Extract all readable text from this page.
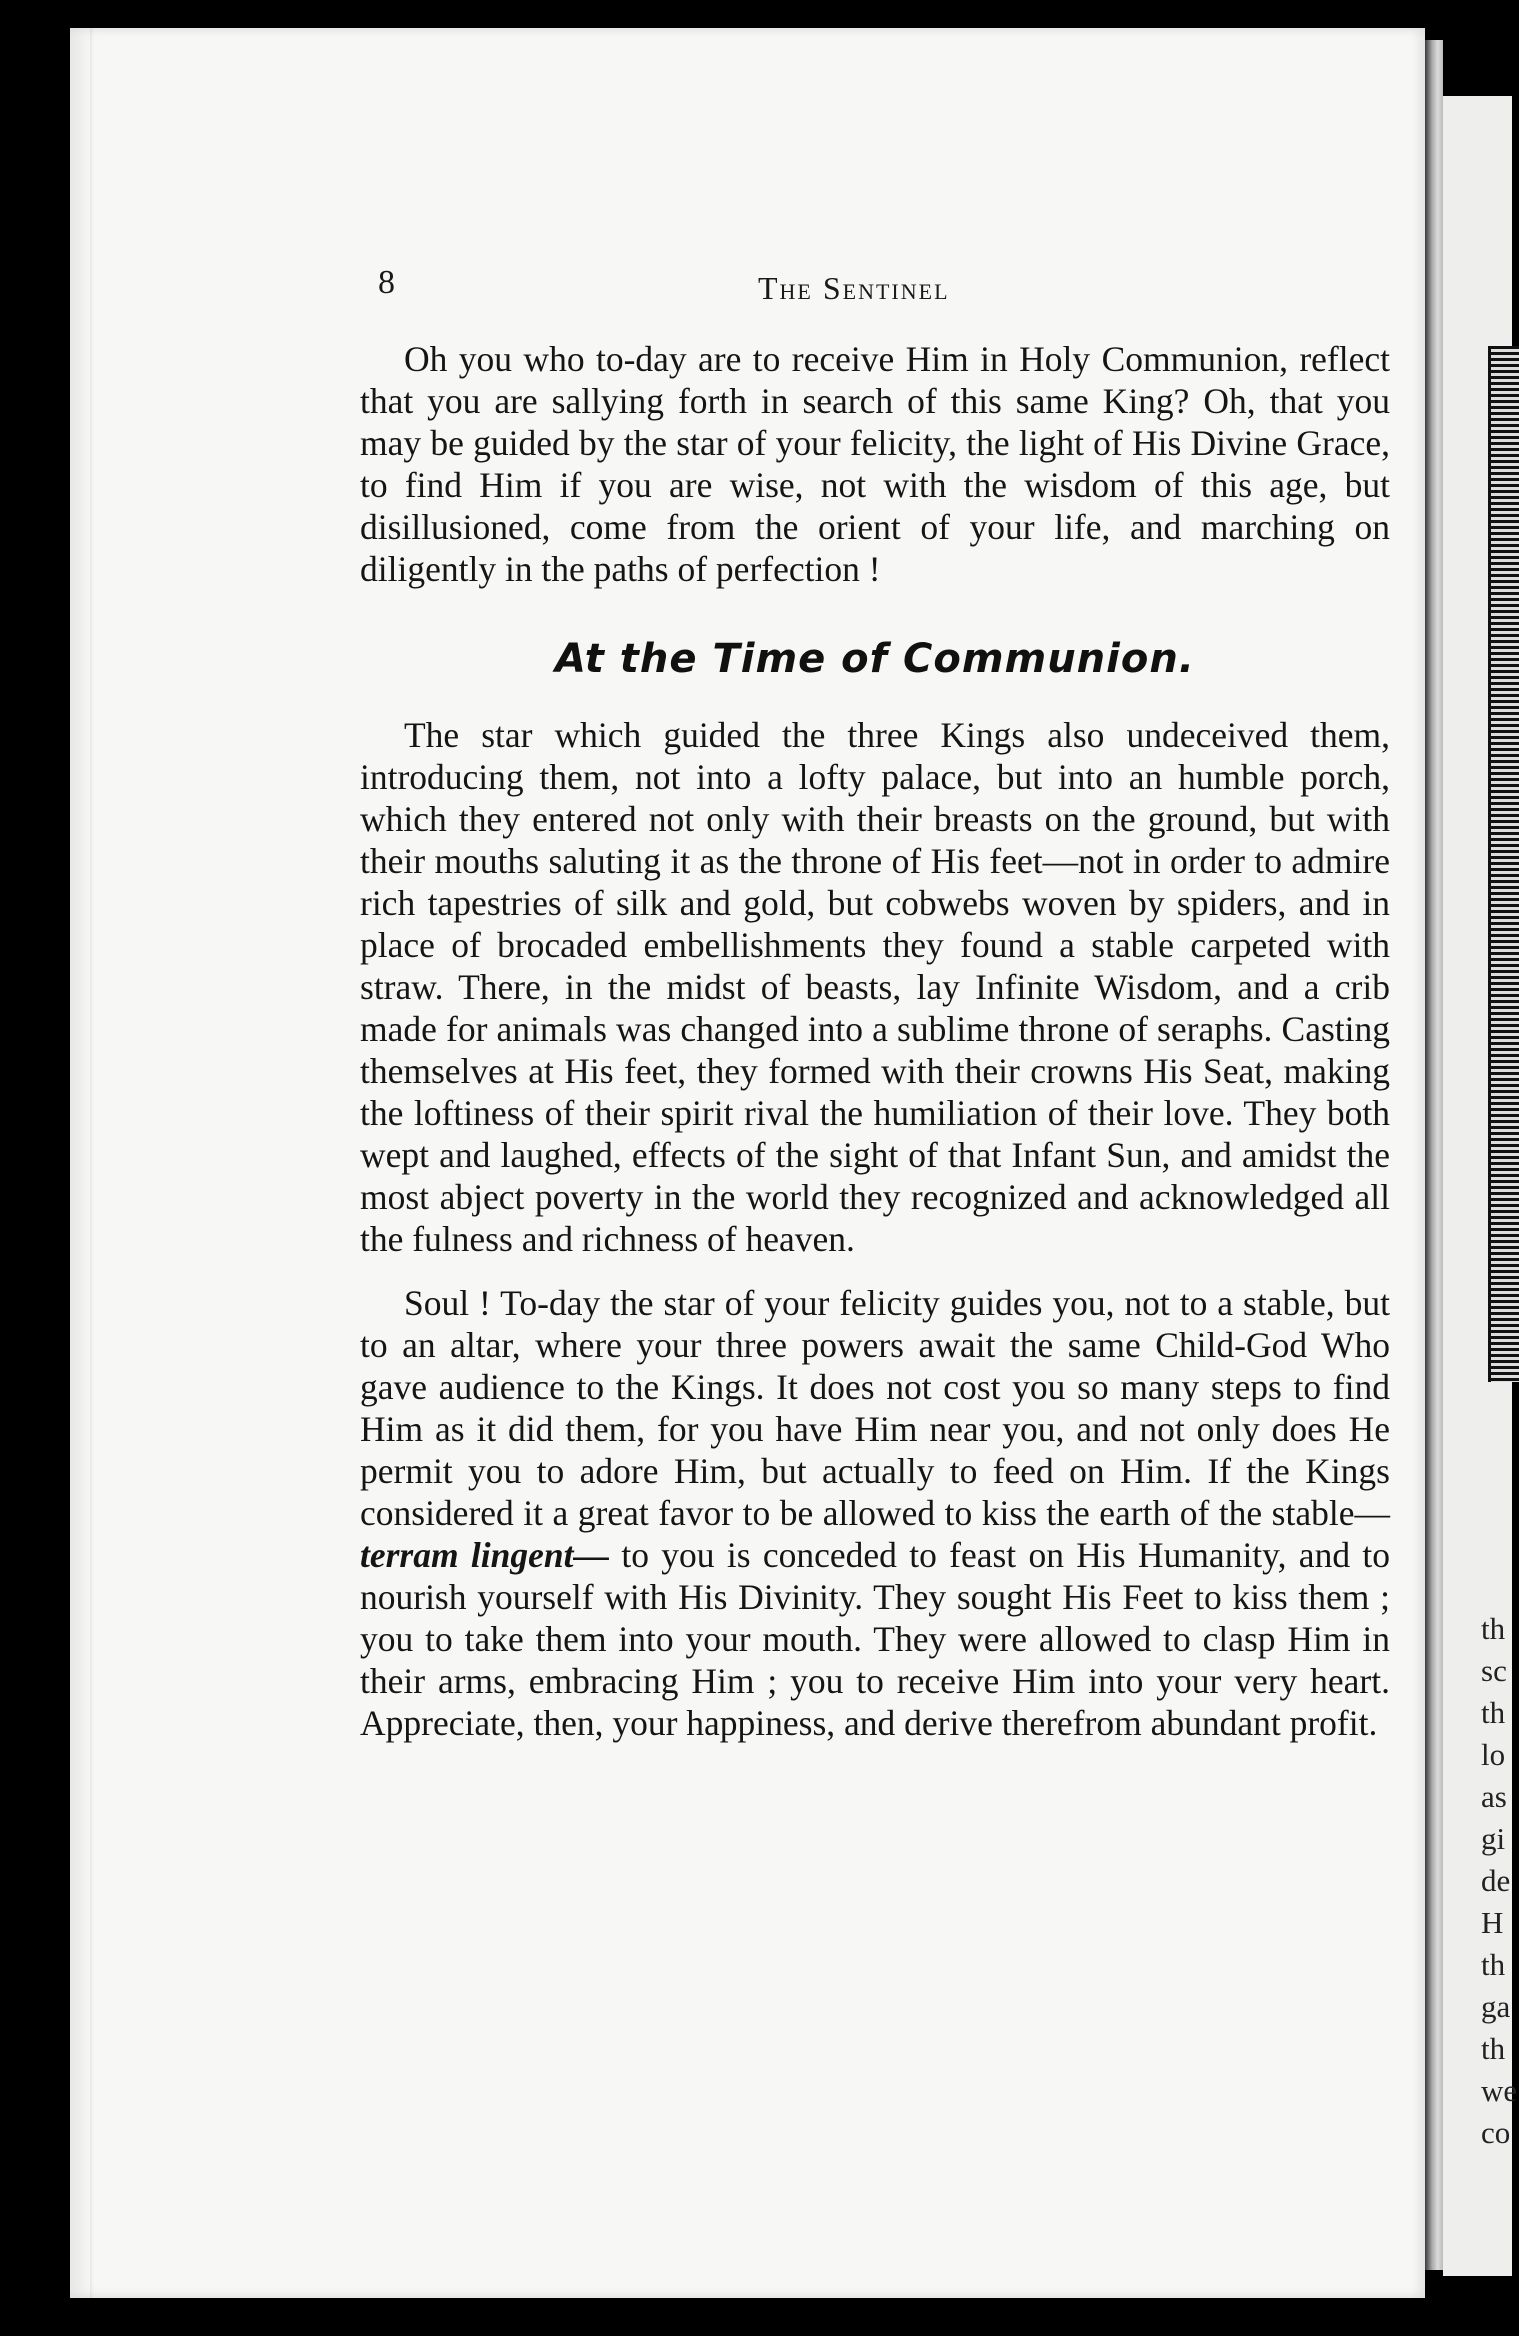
th
sc
th
lo
as
gi
de
H
th
ga
th
we
co
8	The Sentinel

Oh you who to-day are to receive Him in Holy Communion, reflect that you are sallying forth in search of this same King? Oh, that you may be guided by the star of your felicity, the light of His Divine Grace, to find Him if you are wise, not with the wisdom of this age, but disillusioned, come from the orient of your life, and marching on diligently in the paths of perfection !

At the Time of Communion.

The star which guided the three Kings also undeceived them, introducing them, not into a lofty palace, but into an humble porch, which they entered not only with their breasts on the ground, but with their mouths saluting it as the throne of His feet—not in order to admire rich tapestries of silk and gold, but cobwebs woven by spiders, and in place of brocaded embellishments they found a stable carpeted with straw. There, in the midst of beasts, lay Infinite Wisdom, and a crib made for animals was changed into a sublime throne of seraphs. Casting themselves at His feet, they formed with their crowns His Seat, making the loftiness of their spirit rival the humiliation of their love. They both wept and laughed, effects of the sight of that Infant Sun, and amidst the most abject poverty in the world they recognized and acknowledged all the fulness and richness of heaven.

Soul ! To-day the star of your felicity guides you, not to a stable, but to an altar, where your three powers await the same Child-God Who gave audience to the Kings. It does not cost you so many steps to find Him as it did them, for you have Him near you, and not only does He permit you to adore Him, but actually to feed on Him. If the Kings considered it a great favor to be allowed to kiss the earth of the stable—terram lingent— to you is conceded to feast on His Humanity, and to nourish yourself with His Divinity. They sought His Feet to kiss them ; you to take them into your mouth. They were allowed to clasp Him in their arms, embracing Him ; you to receive Him into your very heart. Appreciate, then, your happiness, and derive therefrom abundant profit.
